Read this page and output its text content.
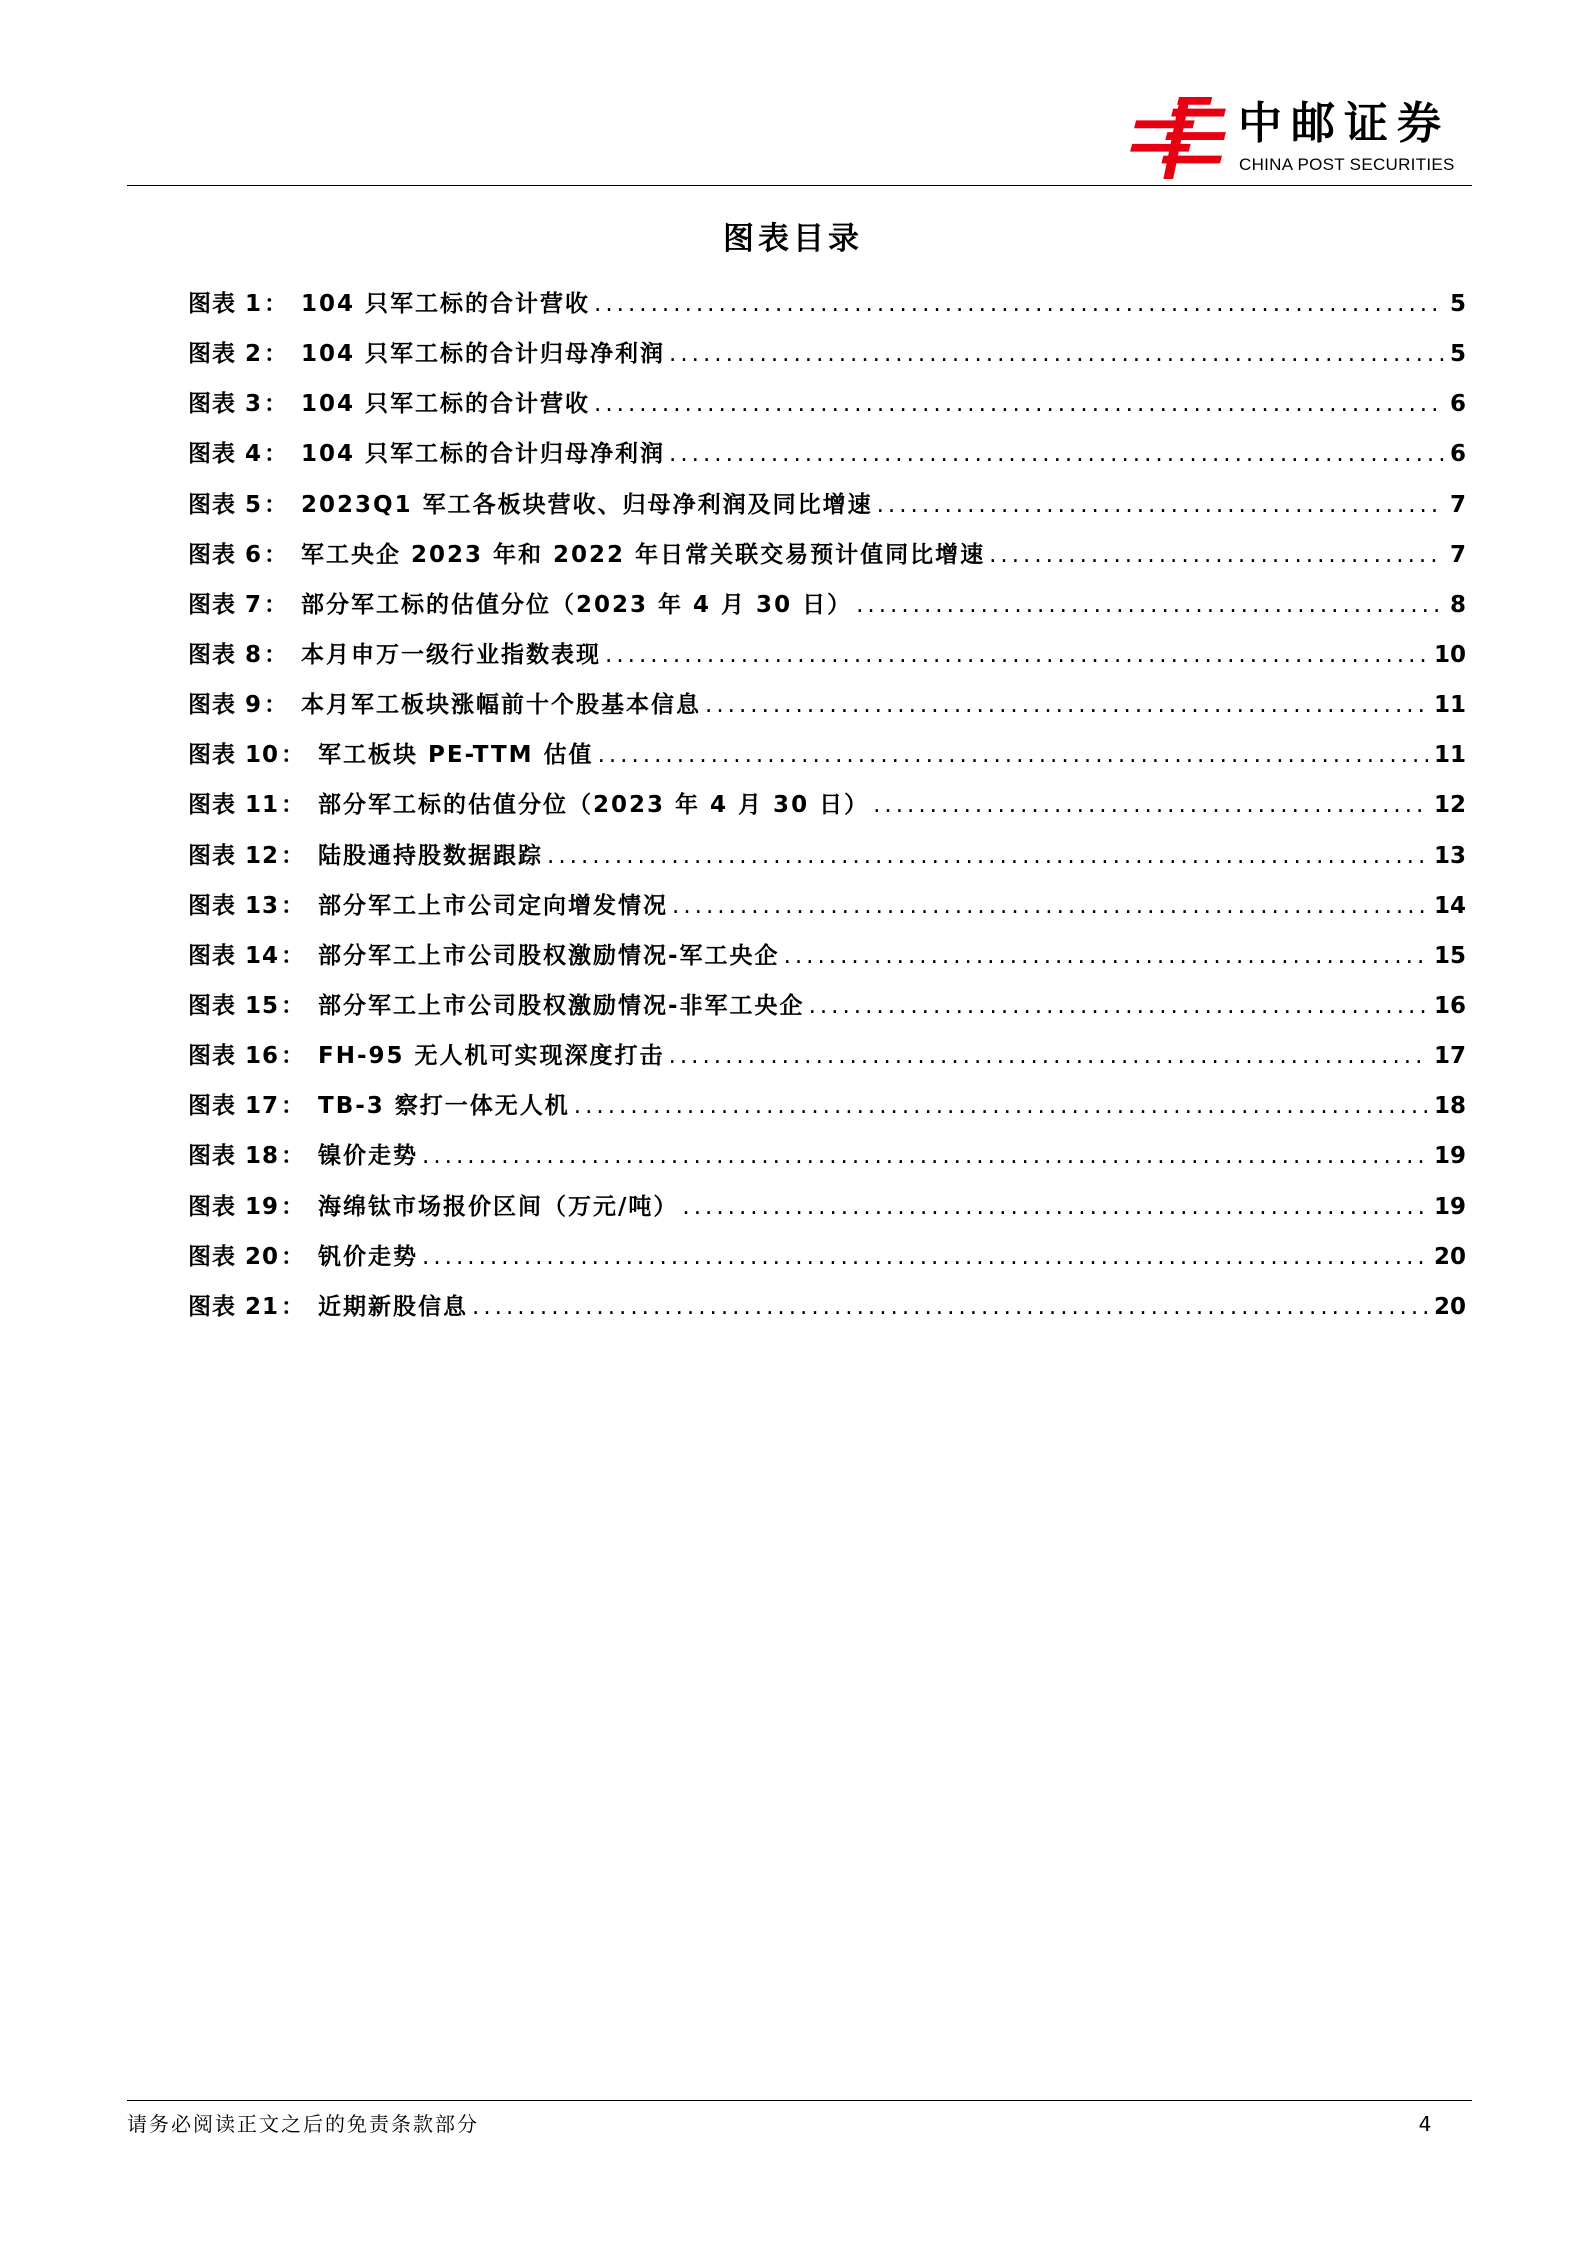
中邮证券
CHINA POST SECURITIES
图表目录
图表 1 ： 104 只军工标的合计营收 .....	5
图表 2 ： 104 只军工标的合计归母净利润 .....	5
图表 3 ： 104 只军工标的合计营收 .....	6
图表 4 ： 104 只军工标的合计归母净利润 .....	6
图表 5 ： 2023Q1 军工各板块营收、归母净利润及同比增速 .....	7
图表 6 ： 军工央企 2023 年和 2022 年日常关联交易预计值同比增速 .....	7
图表 7 ： 部分军工标的估值分位（2023 年 4 月 30 日） .....	8
图表 8 ： 本月申万一级行业指数表现 .....	10
图表 9 ： 本月军工板块涨幅前十个股基本信息 .....	11
图表 10 ： 军工板块 PE-TTM 估值 .....	11
图表 11 ： 部分军工标的估值分位（2023 年 4 月 30 日） .....	12
图表 12 ： 陆股通持股数据跟踪 .....	13
图表 13 ： 部分军工上市公司定向增发情况 .....	14
图表 14 ： 部分军工上市公司股权激励情况-军工央企 .....	15
图表 15 ： 部分军工上市公司股权激励情况-非军工央企 .....	16
图表 16 ： FH-95 无人机可实现深度打击 .....	17
图表 17 ： TB-3 察打一体无人机 .....	18
图表 18 ： 镍价走势 .....	19
图表 19 ： 海绵钛市场报价区间（万元/吨） .....	19
图表 20 ： 钒价走势 .....	20
图表 21 ： 近期新股信息 .....	20
请务必阅读正文之后的免责条款部分	4
